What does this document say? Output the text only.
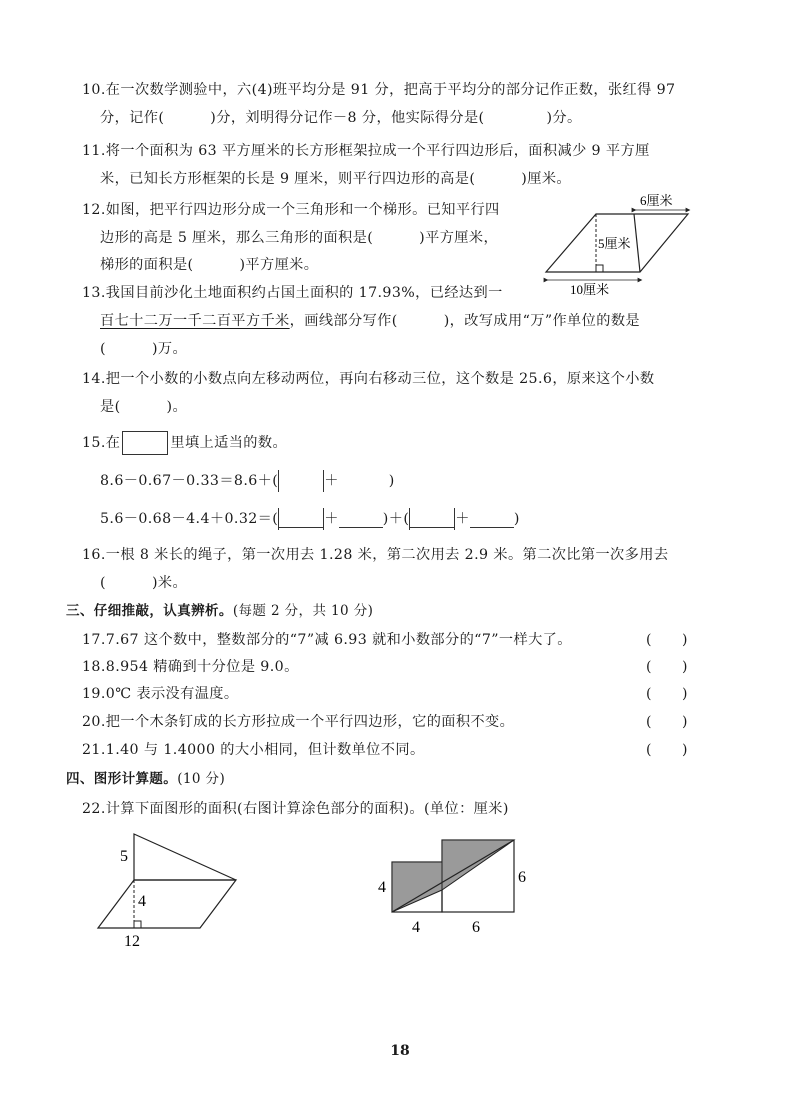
10.在一次数学测验中，六(4)班平均分是 91 分，把高于平均分的部分记作正数，张红得 97
分，记作(	)分，刘明得分记作－8 分，他实际得分是(	)分。
11.将一个面积为 63 平方厘米的长方形框架拉成一个平行四边形后，面积减少 9 平方厘
米，已知长方形框架的长是 9 厘米，则平行四边形的高是(	)厘米。
12.如图，把平行四边形分成一个三角形和一个梯形。已知平行四
边形的高是 5 厘米，那么三角形的面积是(	)平方厘米，
梯形的面积是(	)平方厘米。
6厘米
5厘米
10厘米
13.我国目前沙化土地面积约占国土面积的 17.93%，已经达到一
百七十二万一千二百平方千米，画线部分写作(	)，改写成用“万”作单位的数是
(	)万。
14.把一个小数的小数点向左移动两位，再向右移动三位，这个数是 25.6，原来这个小数
是(	)。
15.在	里填上适当的数。
8.6－0.67－0.33＝8.6＋(	＋	)
5.6－0.68－4.4＋0.32＝(	＋	)＋(	＋	)
16.一根 8 米长的绳子，第一次用去 1.28 米，第二次用去 2.9 米。第二次比第一次多用去
(	)米。
三、仔细推敲，认真辨析。(每题 2 分，共 10 分)
17.7.67 这个数中，整数部分的“7”减 6.93 就和小数部分的“7”一样大了。	( )
18.8.954 精确到十分位是 9.0。	( )
19.0℃ 表示没有温度。	( )
20.把一个木条钉成的长方形拉成一个平行四边形，它的面积不变。	( )
21.1.40 与 1.4000 的大小相同，但计数单位不同。	( )
四、图形计算题。(10 分)
22.计算下面图形的面积(右图计算涂色部分的面积)。(单位：厘米)
5
4
12
4
6
4	6
18
